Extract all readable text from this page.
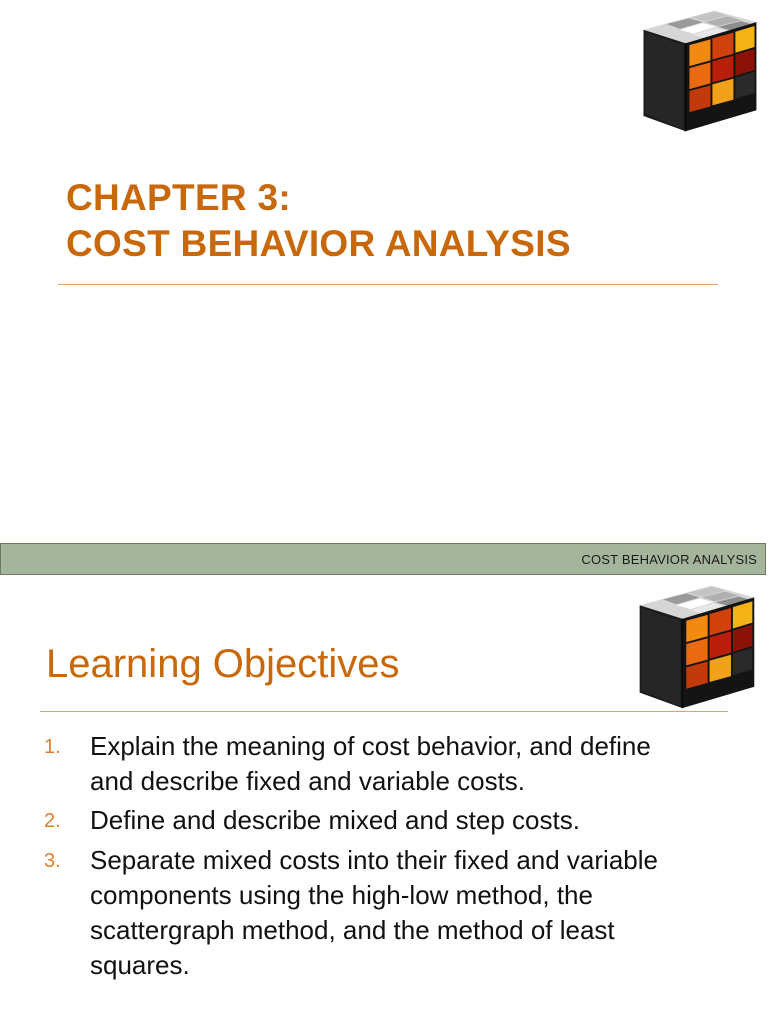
CHAPTER 3:
COST BEHAVIOR ANALYSIS
COST BEHAVIOR ANALYSIS
Learning Objectives
1.	Explain the meaning of cost behavior, and define and describe fixed and variable costs.
2.	Define and describe mixed and step costs.
3.	Separate mixed costs into their fixed and variable components using the high-low method, the scattergraph method, and the method of least squares.
